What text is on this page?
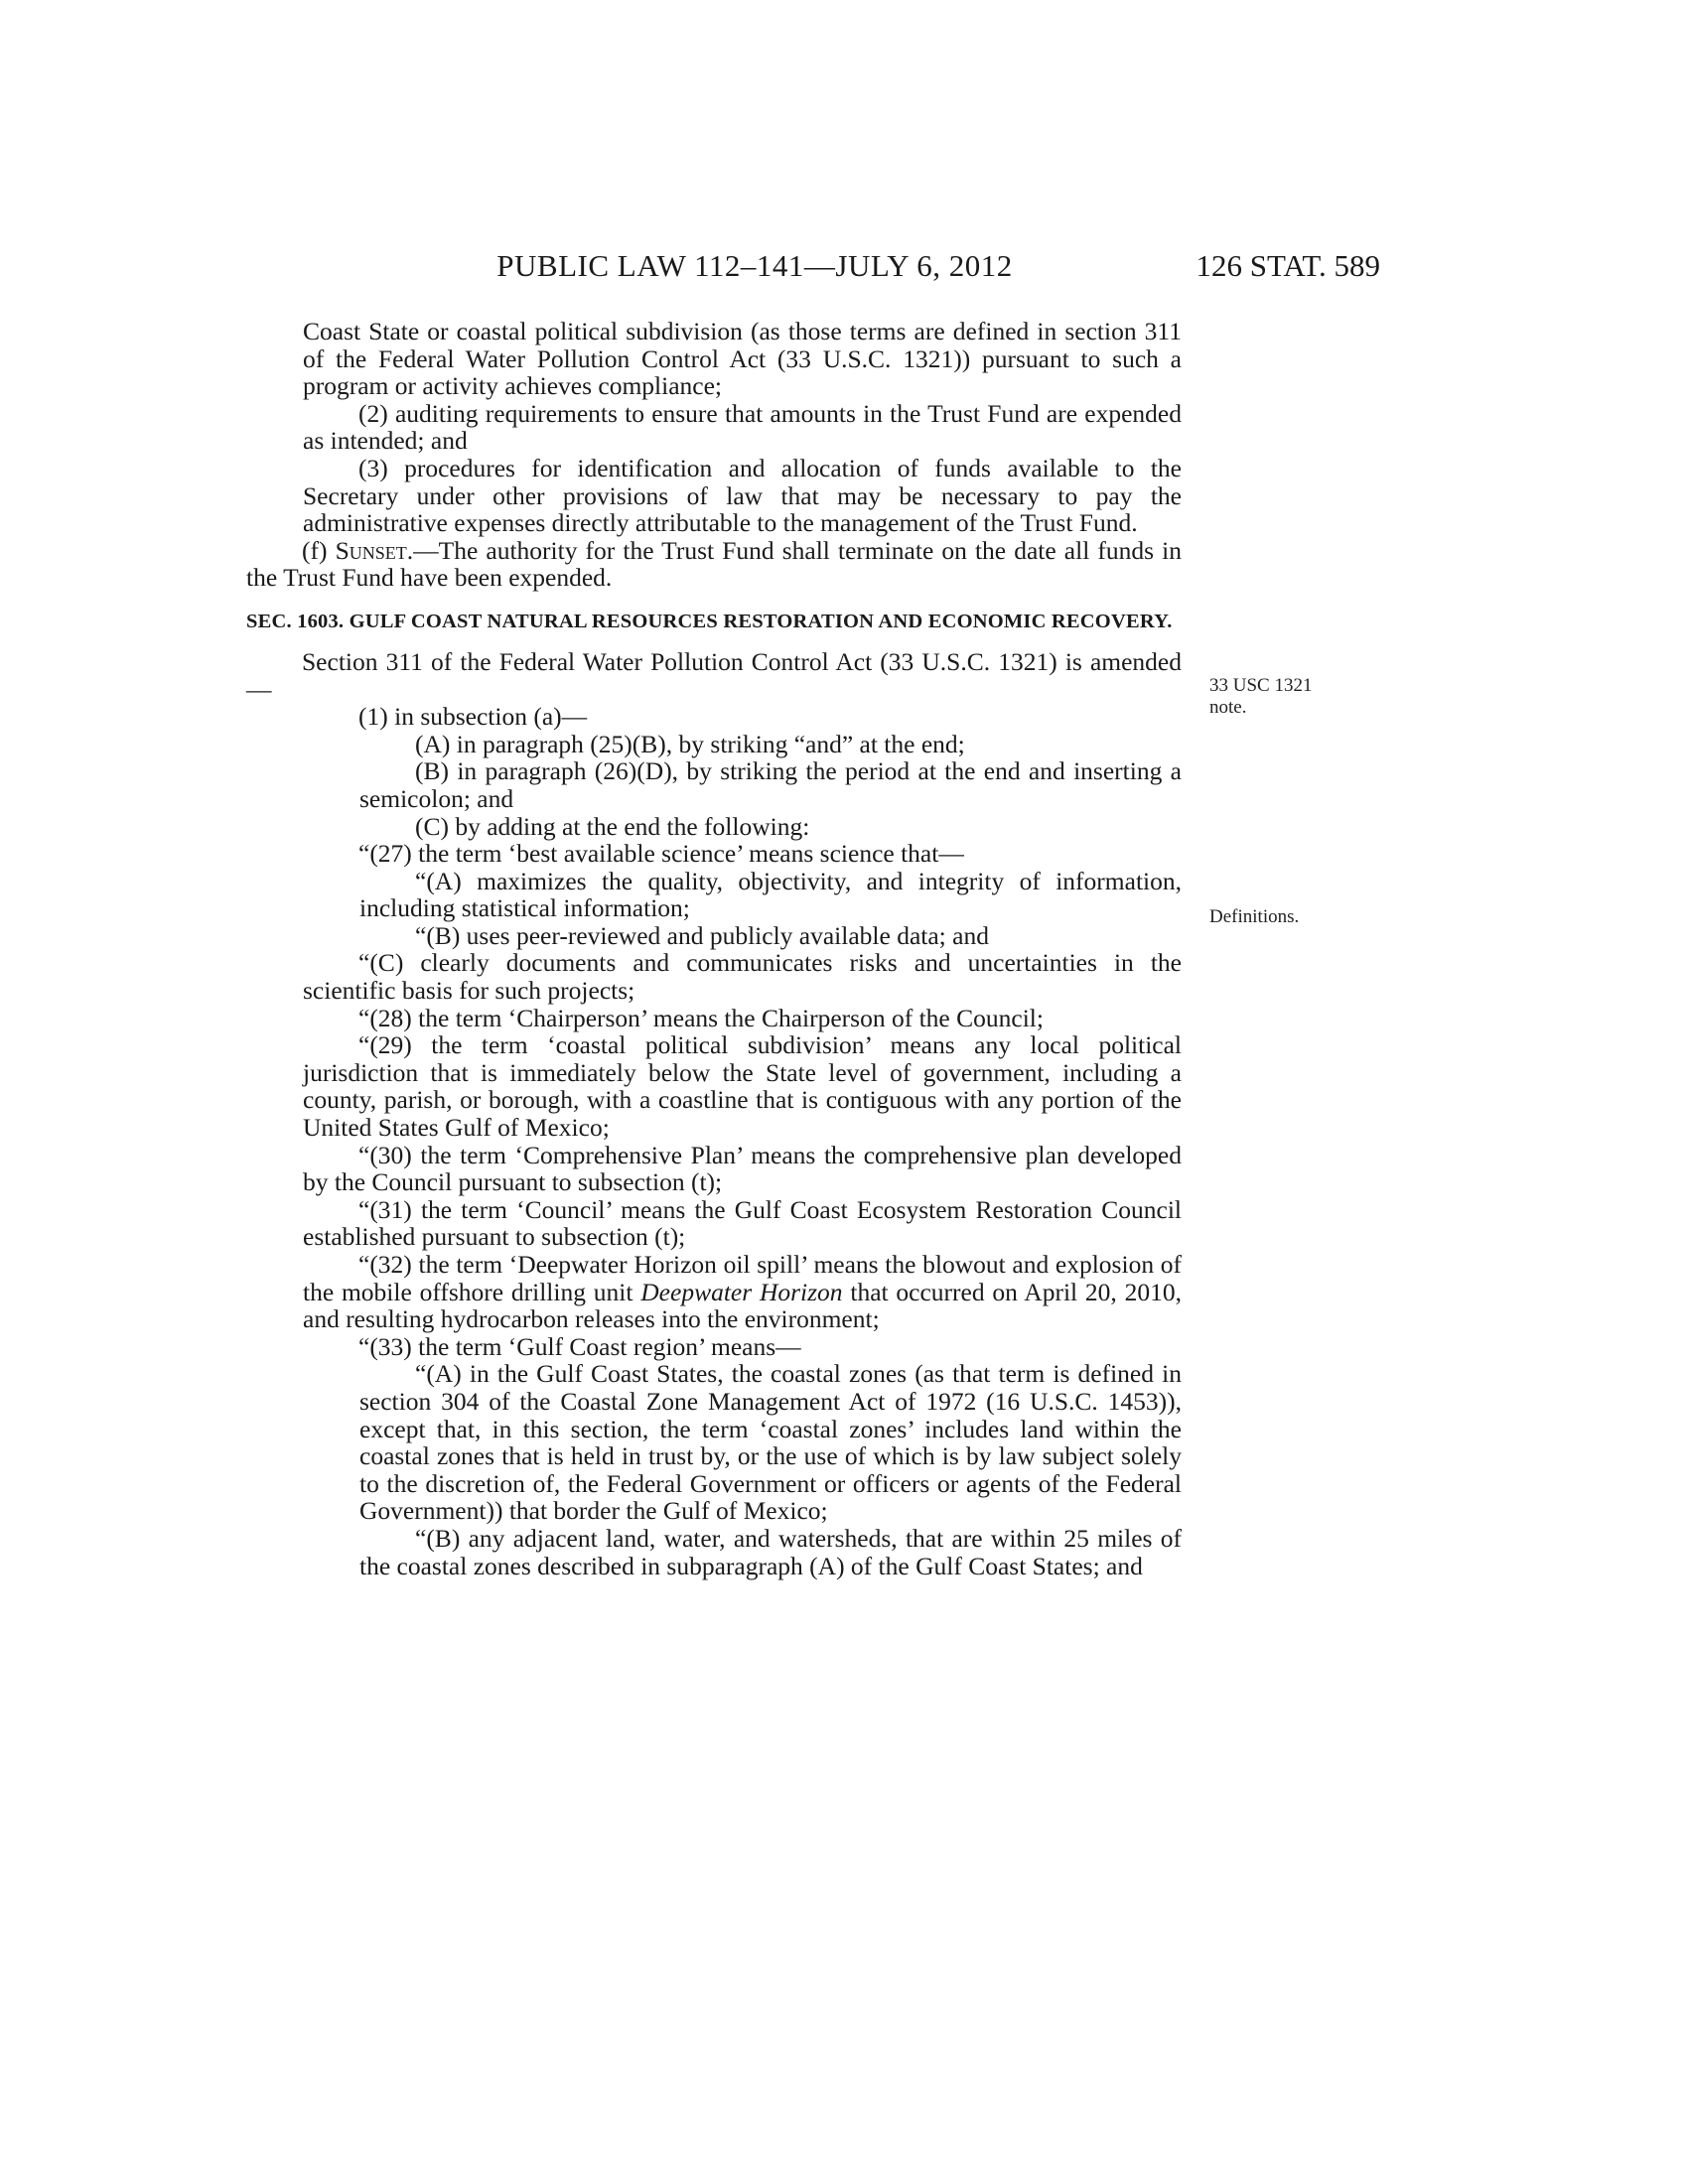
PUBLIC LAW 112–141—JULY 6, 2012	126 STAT. 589
33 USC 1321 note.
Definitions.

Coast State or coastal political subdivision (as those terms are defined in section 311 of the Federal Water Pollution Control Act (33 U.S.C. 1321)) pursuant to such a program or activity achieves compliance;

(2) auditing requirements to ensure that amounts in the Trust Fund are expended as intended; and

(3) procedures for identification and allocation of funds available to the Secretary under other provisions of law that may be necessary to pay the administrative expenses directly attributable to the management of the Trust Fund.

(f) Sunset.—The authority for the Trust Fund shall terminate on the date all funds in the Trust Fund have been expended.

SEC. 1603. GULF COAST NATURAL RESOURCES RESTORATION AND ECONOMIC RECOVERY.

Section 311 of the Federal Water Pollution Control Act (33 U.S.C. 1321) is amended—

(1) in subsection (a)—

(A) in paragraph (25)(B), by striking “and” at the end;

(B) in paragraph (26)(D), by striking the period at the end and inserting a semicolon; and

(C) by adding at the end the following:

“(27) the term ‘best available science’ means science that—

“(A) maximizes the quality, objectivity, and integrity of information, including statistical information;

“(B) uses peer-reviewed and publicly available data; and

“(C) clearly documents and communicates risks and uncertainties in the scientific basis for such projects;

“(28) the term ‘Chairperson’ means the Chairperson of the Council;

“(29) the term ‘coastal political subdivision’ means any local political jurisdiction that is immediately below the State level of government, including a county, parish, or borough, with a coastline that is contiguous with any portion of the United States Gulf of Mexico;

“(30) the term ‘Comprehensive Plan’ means the comprehensive plan developed by the Council pursuant to subsection (t);

“(31) the term ‘Council’ means the Gulf Coast Ecosystem Restoration Council established pursuant to subsection (t);

“(32) the term ‘Deepwater Horizon oil spill’ means the blowout and explosion of the mobile offshore drilling unit Deepwater Horizon that occurred on April 20, 2010, and resulting hydrocarbon releases into the environment;

“(33) the term ‘Gulf Coast region’ means—

“(A) in the Gulf Coast States, the coastal zones (as that term is defined in section 304 of the Coastal Zone Management Act of 1972 (16 U.S.C. 1453)), except that, in this section, the term ‘coastal zones’ includes land within the coastal zones that is held in trust by, or the use of which is by law subject solely to the discretion of, the Federal Government or officers or agents of the Federal Government)) that border the Gulf of Mexico;

“(B) any adjacent land, water, and watersheds, that are within 25 miles of the coastal zones described in subparagraph (A) of the Gulf Coast States; and
